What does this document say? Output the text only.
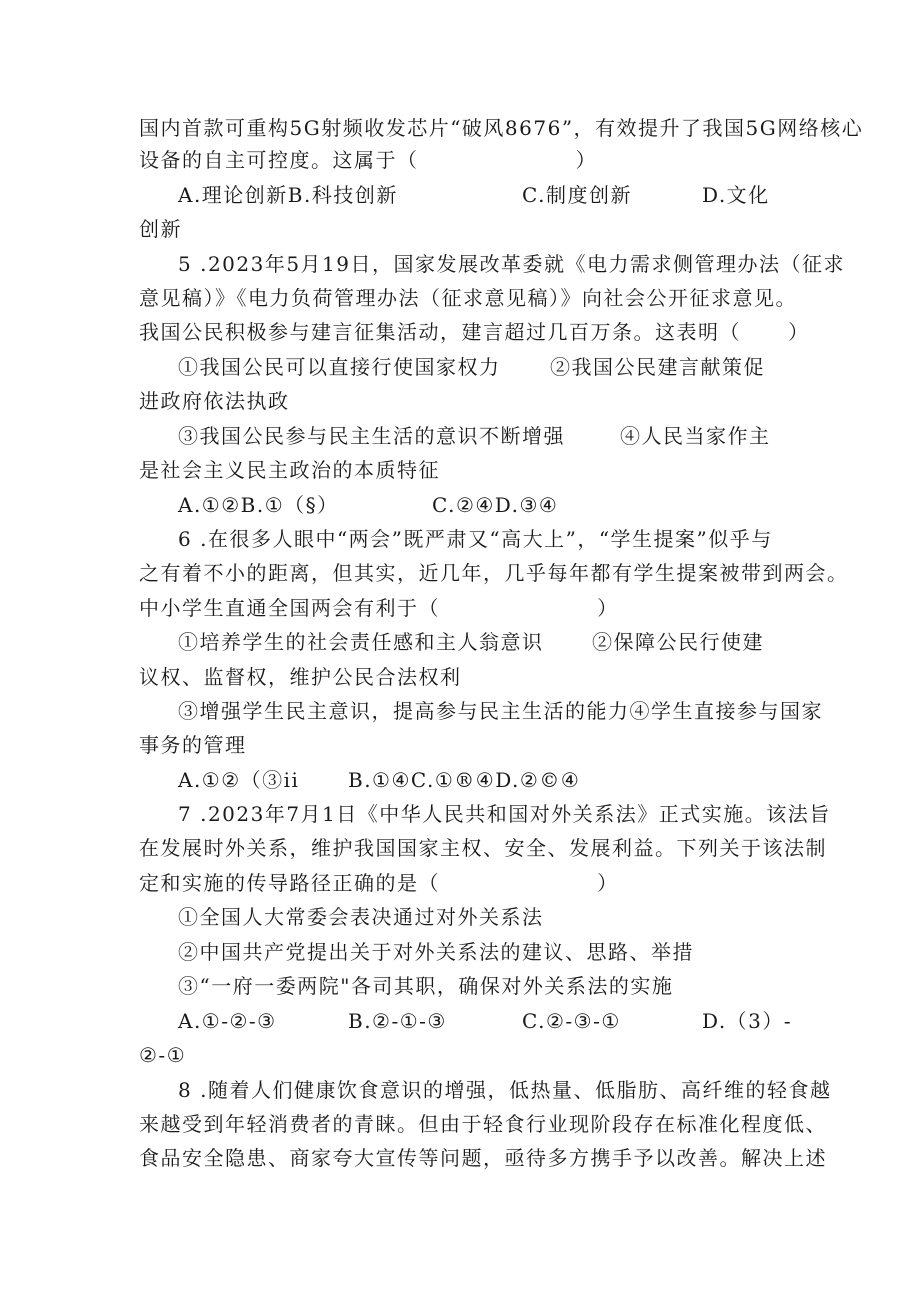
国内首款可重构5G射频收发芯片“破风8676”，有效提升了我国5G网络核心
设备的自主可控度。这属于（                    ）
A.理论创新B.科技创新	C.制度创新	D.文化
创新
5 .2023年5月19日，国家发展改革委就《电力需求侧管理办法（征求
意见稿）》《电力负荷管理办法（征求意见稿）》向社会公开征求意见。
我国公民积极参与建言征集活动，建言超过几百万条。这表明（      ）
①我国公民可以直接行使国家权力 ②我国公民建言献策促
进政府依法执政
③我国公民参与民主生活的意识不断增强	④人民当家作主
是社会主义民主政治的本质特征
A.①②B.①（§）	C.②④D.③④
6 .在很多人眼中“两会”既严肃又“高大上”，“学生提案”似乎与
之有着不小的距离，但其实，近几年，几乎每年都有学生提案被带到两会。
中小学生直通全国两会有利于（                    ）
①培养学生的社会责任感和主人翁意识 ②保障公民行使建
议权、监督权，维护公民合法权利
③增强学生民主意识，提高参与民主生活的能力④学生直接参与国家
事务的管理
A.①②（③ii B.①④C.①®④D.②©④
7 .2023年7月1日《中华人民共和国对外关系法》正式实施。该法旨
在发展时外关系，维护我国国家主权、安全、发展利益。下列关于该法制
定和实施的传导路径正确的是（                    ）
①全国人大常委会表决通过对外关系法
②中国共产党提出关于对外关系法的建议、思路、举措
③“一府一委两院"各司其职，确保对外关系法的实施
A.①-②-③	B.②-①-③	C.②-③-①	D.（3）-
②-①
8 .随着人们健康饮食意识的增强，低热量、低脂肪、高纤维的轻食越
来越受到年轻消费者的青睐。但由于轻食行业现阶段存在标准化程度低、
食品安全隐患、商家夸大宣传等问题，亟待多方携手予以改善。解决上述
